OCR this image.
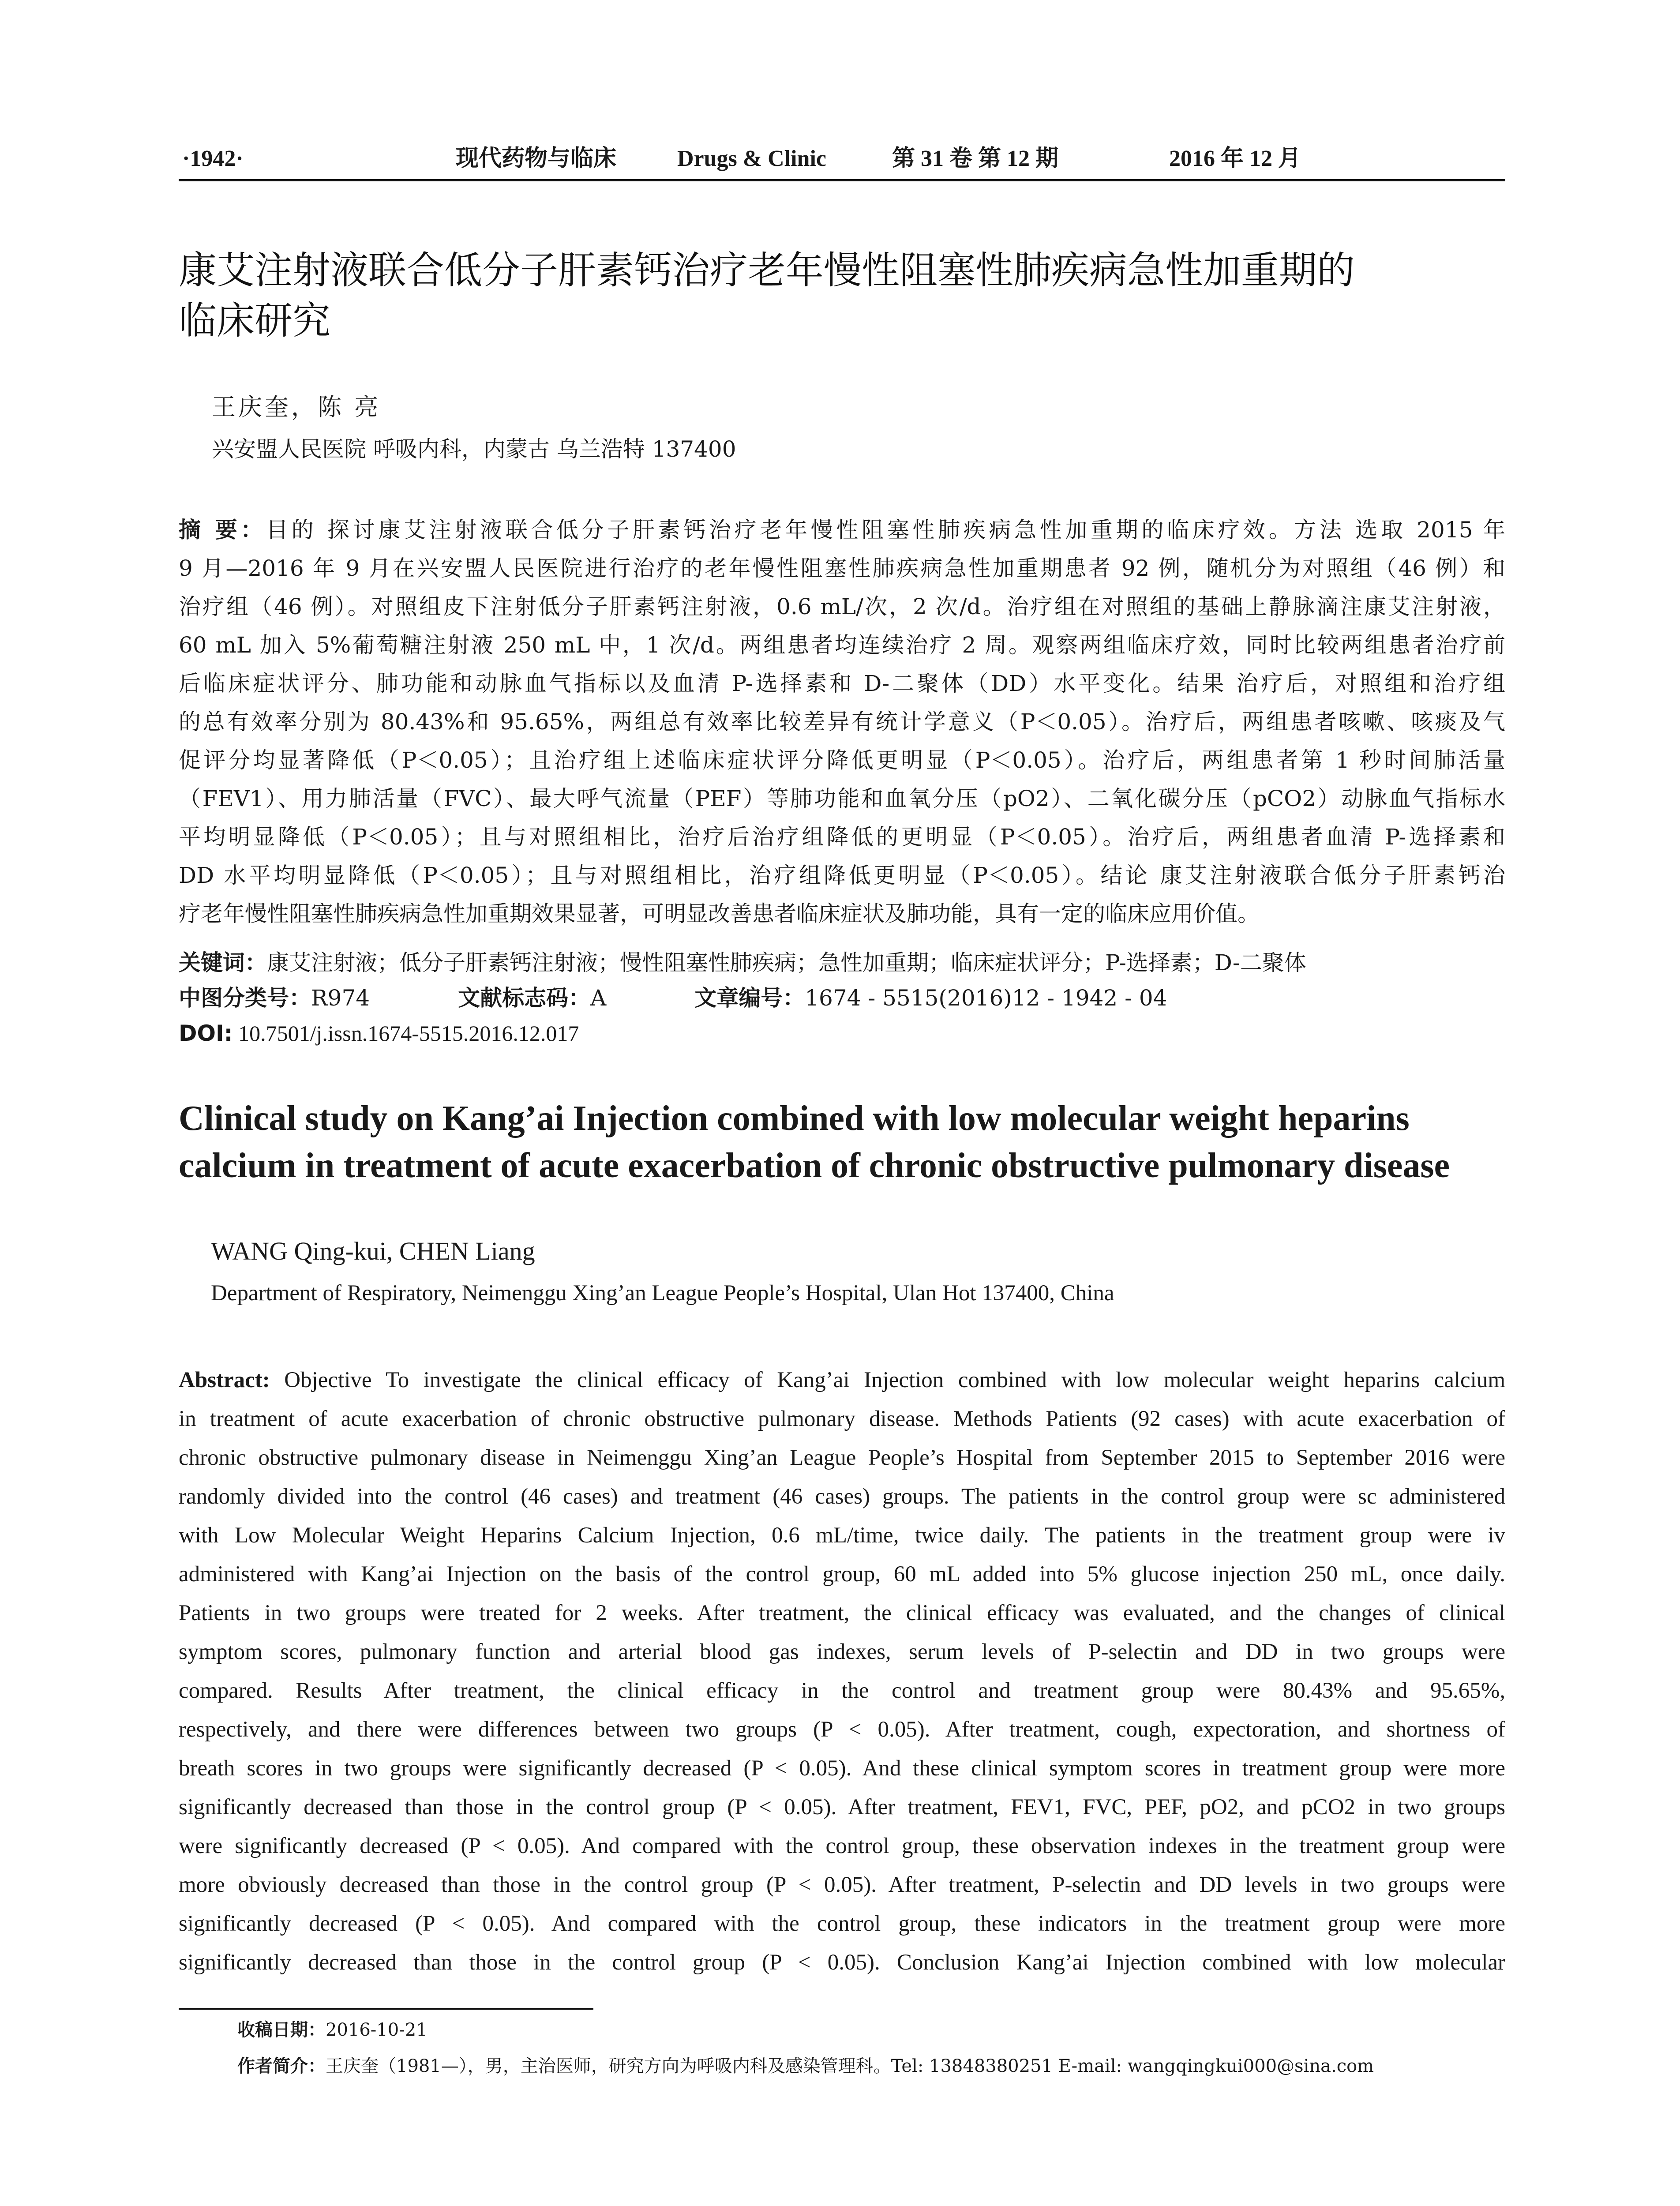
·1942·	现代药物与临床	Drugs & Clinic	第 31 卷 第 12 期	2016 年 12 月
康艾注射液联合低分子肝素钙治疗老年慢性阻塞性肺疾病急性加重期的
临床研究
王庆奎，陈 亮
兴安盟人民医院 呼吸内科，内蒙古 乌兰浩特 137400
摘 要：目的 探讨康艾注射液联合低分子肝素钙治疗老年慢性阻塞性肺疾病急性加重期的临床疗效。方法 选取 2015 年
9 月—2016 年 9 月在兴安盟人民医院进行治疗的老年慢性阻塞性肺疾病急性加重期患者 92 例，随机分为对照组（46 例）和
治疗组（46 例）。对照组皮下注射低分子肝素钙注射液，0.6 mL/次，2 次/d。治疗组在对照组的基础上静脉滴注康艾注射液，
60 mL 加入 5%葡萄糖注射液 250 mL 中，1 次/d。两组患者均连续治疗 2 周。观察两组临床疗效，同时比较两组患者治疗前
后临床症状评分、肺功能和动脉血气指标以及血清 P-选择素和 D-二聚体（DD）水平变化。结果 治疗后，对照组和治疗组
的总有效率分别为 80.43%和 95.65%，两组总有效率比较差异有统计学意义（P＜0.05）。治疗后，两组患者咳嗽、咳痰及气
促评分均显著降低（P＜0.05）；且治疗组上述临床症状评分降低更明显（P＜0.05）。治疗后，两组患者第 1 秒时间肺活量
（FEV1）、用力肺活量（FVC）、最大呼气流量（PEF）等肺功能和血氧分压（pO2）、二氧化碳分压（pCO2）动脉血气指标水
平均明显降低（P＜0.05）；且与对照组相比，治疗后治疗组降低的更明显（P＜0.05）。治疗后，两组患者血清 P-选择素和
DD 水平均明显降低（P＜0.05）；且与对照组相比，治疗组降低更明显（P＜0.05）。结论 康艾注射液联合低分子肝素钙治
疗老年慢性阻塞性肺疾病急性加重期效果显著，可明显改善患者临床症状及肺功能，具有一定的临床应用价值。
关键词：康艾注射液；低分子肝素钙注射液；慢性阻塞性肺疾病；急性加重期；临床症状评分；P-选择素；D-二聚体
中图分类号：R974	文献标志码：A	文章编号：1674 - 5515(2016)12 - 1942 - 04
DOI: 10.7501/j.issn.1674-5515.2016.12.017
Clinical study on Kang’ai Injection combined with low molecular weight heparins
calcium in treatment of acute exacerbation of chronic obstructive pulmonary disease
WANG Qing-kui, CHEN Liang
Department of Respiratory, Neimenggu Xing’an League People’s Hospital, Ulan Hot 137400, China
Abstract: Objective To investigate the clinical efficacy of Kang’ai Injection combined with low molecular weight heparins calcium
in treatment of acute exacerbation of chronic obstructive pulmonary disease. Methods Patients (92 cases) with acute exacerbation of
chronic obstructive pulmonary disease in Neimenggu Xing’an League People’s Hospital from September 2015 to September 2016 were
randomly divided into the control (46 cases) and treatment (46 cases) groups. The patients in the control group were sc administered
with Low Molecular Weight Heparins Calcium Injection, 0.6 mL/time, twice daily. The patients in the treatment group were iv
administered with Kang’ai Injection on the basis of the control group, 60 mL added into 5% glucose injection 250 mL, once daily.
Patients in two groups were treated for 2 weeks. After treatment, the clinical efficacy was evaluated, and the changes of clinical
symptom scores, pulmonary function and arterial blood gas indexes, serum levels of P-selectin and DD in two groups were
compared. Results After treatment, the clinical efficacy in the control and treatment group were 80.43% and 95.65%,
respectively, and there were differences between two groups (P < 0.05). After treatment, cough, expectoration, and shortness of
breath scores in two groups were significantly decreased (P < 0.05). And these clinical symptom scores in treatment group were more
significantly decreased than those in the control group (P < 0.05). After treatment, FEV1, FVC, PEF, pO2, and pCO2 in two groups
were significantly decreased (P < 0.05). And compared with the control group, these observation indexes in the treatment group were
more obviously decreased than those in the control group (P < 0.05). After treatment, P-selectin and DD levels in two groups were
significantly decreased (P < 0.05). And compared with the control group, these indicators in the treatment group were more
significantly decreased than those in the control group (P < 0.05). Conclusion Kang’ai Injection combined with low molecular
收稿日期：2016-10-21
作者简介：王庆奎（1981—），男，主治医师，研究方向为呼吸内科及感染管理科。Tel: 13848380251 E-mail: wangqingkui000@sina.com
